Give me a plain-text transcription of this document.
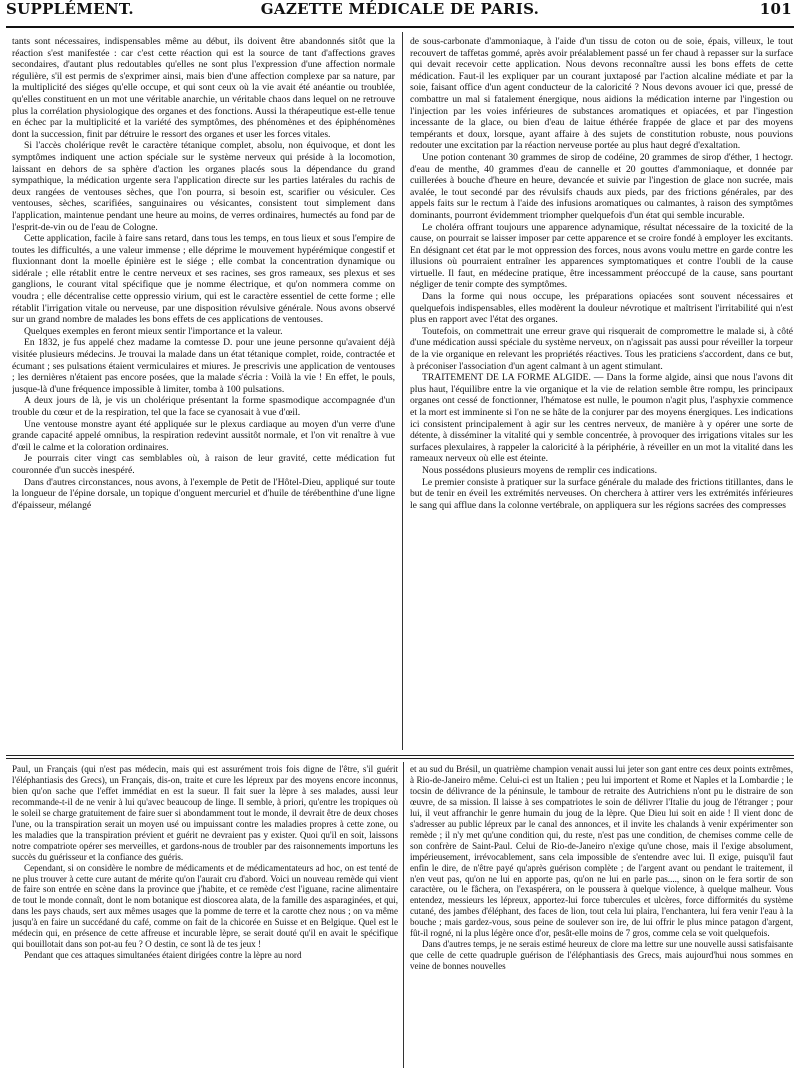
SUPPLÉMENT.	GAZETTE MÉDICALE DE PARIS.	101

tants sont nécessaires, indispensables même au début, ils doivent être abandonnés sitôt que la réaction s'est manifestée : car c'est cette réaction qui est la source de tant d'affections graves secondaires, d'autant plus redoutables qu'elles ne sont plus l'expression d'une affection normale régulière, s'il est permis de s'exprimer ainsi, mais bien d'une affection complexe par sa nature, par la multiplicité des siéges qu'elle occupe, et qui sont ceux où la vie avait été anéantie ou troublée, qu'elles constituent en un mot une véritable anarchie, un véritable chaos dans lequel on ne retrouve plus la corrélation physiologique des organes et des fonctions. Aussi la thérapeutique est-elle tenue en échec par la multiplicité et la variété des symptômes, des phénomènes et des épiphénomènes dont la succession, finit par détruire le ressort des organes et user les forces vitales.

Si l'accès cholérique revêt le caractère tétanique complet, absolu, non équivoque, et dont les symptômes indiquent une action spéciale sur le système nerveux qui préside à la locomotion, laissant en dehors de sa sphère d'action les organes placés sous la dépendance du grand sympathique, la médication urgente sera l'application directe sur les parties latérales du rachis de deux rangées de ventouses sèches, que l'on pourra, si besoin est, scarifier ou vésiculer. Ces ventouses, sèches, scarifiées, sanguinaires ou vésicantes, consistent tout simplement dans l'application, maintenue pendant une heure au moins, de verres ordinaires, humectés au fond par de l'esprit-de-vin ou de l'eau de Cologne.

Cette application, facile à faire sans retard, dans tous les temps, en tous lieux et sous l'empire de toutes les difficultés, a une valeur immense ; elle déprime le mouvement hypérémique congestif et fluxionnant dont la moelle épinière est le siége ; elle combat la concentration dynamique ou sidérale ; elle rétablit entre le centre nerveux et ses racines, ses gros rameaux, ses plexus et ses ganglions, le courant vital spécifique que je nomme électrique, et qu'on nommera comme on voudra ; elle décentralise cette oppressio virium, qui est le caractère essentiel de cette forme ; elle rétablit l'irrigation vitale ou nerveuse, par une disposition révulsive générale. Nous avons observé sur un grand nombre de malades les bons effets de ces applications de ventouses.

Quelques exemples en feront mieux sentir l'importance et la valeur.

En 1832, je fus appelé chez madame la comtesse D. pour une jeune personne qu'avaient déjà visitée plusieurs médecins. Je trouvai la malade dans un état tétanique complet, roide, contractée et écumant ; ses pulsations étaient vermiculaires et miures. Je prescrivis une application de ventouses ; les dernières n'étaient pas encore posées, que la malade s'écria : Voilà la vie ! En effet, le pouls, jusque-là d'une fréquence impossible à limiter, tomba à 100 pulsations.

A deux jours de là, je vis un cholérique présentant la forme spasmodique accompagnée d'un trouble du cœur et de la respiration, tel que la face se cyanosait à vue d'œil.

Une ventouse monstre ayant été appliquée sur le plexus cardiaque au moyen d'un verre d'une grande capacité appelé omnibus, la respiration redevint aussitôt normale, et l'on vit renaître à vue d'œil le calme et la coloration ordinaires.

Je pourrais citer vingt cas semblables où, à raison de leur gravité, cette médication fut couronnée d'un succès inespéré.

Dans d'autres circonstances, nous avons, à l'exemple de Petit de l'Hôtel-Dieu, appliqué sur toute la longueur de l'épine dorsale, un topique d'onguent mercuriel et d'huile de térébenthine d'une ligne d'épaisseur, mélangé

de sous-carbonate d'ammoniaque, à l'aide d'un tissu de coton ou de soie, épais, villeux, le tout recouvert de taffetas gommé, après avoir préalablement passé un fer chaud à repasser sur la surface qui devait recevoir cette application. Nous devons reconnaître aussi les bons effets de cette médication. Faut-il les expliquer par un courant juxtaposé par l'action alcaline médiate et par la soie, faisant office d'un agent conducteur de la caloricité ? Nous devons avouer ici que, pressé de combattre un mal si fatalement énergique, nous aidions la médication interne par l'ingestion ou l'injection par les voies inférieures de substances aromatiques et opiacées, et par l'ingestion incessante de la glace, ou bien d'eau de laitue éthérée frappée de glace et par des moyens tempérants et doux, lorsque, ayant affaire à des sujets de constitution robuste, nous pouvions redouter une excitation par la réaction nerveuse portée au plus haut degré d'exaltation.

Une potion contenant 30 grammes de sirop de codéine, 20 grammes de sirop d'éther, 1 hectogr. d'eau de menthe, 40 grammes d'eau de cannelle et 20 gouttes d'ammoniaque, et donnée par cuillerées à bouche d'heure en heure, devancée et suivie par l'ingestion de glace non sucrée, mais avalée, le tout secondé par des révulsifs chauds aux pieds, par des frictions générales, par des appels faits sur le rectum à l'aide des infusions aromatiques ou calmantes, à raison des symptômes dominants, pourront évidemment triompher quelquefois d'un état qui semble incurable.

Le choléra offrant toujours une apparence adynamique, résultat nécessaire de la toxicité de la cause, on pourrait se laisser imposer par cette apparence et se croire fondé à employer les excitants. En désignant cet état par le mot oppression des forces, nous avons voulu mettre en garde contre les illusions où pourraient entraîner les apparences symptomatiques et contre l'oubli de la cause virtuelle. Il faut, en médecine pratique, être incessamment préoccupé de la cause, sans pourtant négliger de tenir compte des symptômes.

Dans la forme qui nous occupe, les préparations opiacées sont souvent nécessaires et quelquefois indispensables, elles modèrent la douleur névrotique et maîtrisent l'irritabilité qui n'est plus en rapport avec l'état des organes.

Toutefois, on commettrait une erreur grave qui risquerait de compromettre le malade si, à côté d'une médication aussi spéciale du système nerveux, on n'agissait pas aussi pour réveiller la torpeur de la vie organique en relevant les propriétés réactives. Tous les praticiens s'accordent, dans ce but, à préconiser l'association d'un agent calmant à un agent stimulant.

TRAITEMENT DE LA FORME ALGIDE. — Dans la forme algide, ainsi que nous l'avons dit plus haut, l'équilibre entre la vie organique et la vie de relation semble être rompu, les principaux organes ont cessé de fonctionner, l'hématose est nulle, le poumon n'agit plus, l'asphyxie commence et la mort est imminente si l'on ne se hâte de la conjurer par des moyens énergiques. Les indications ici consistent principalement à agir sur les centres nerveux, de manière à y opérer une sorte de détente, à disséminer la vitalité qui y semble concentrée, à provoquer des irrigations vitales sur les surfaces plexulaires, à rappeler la caloricité à la périphérie, à réveiller en un mot la vitalité dans les rameaux nerveux où elle est éteinte.

Nous possédons plusieurs moyens de remplir ces indications.

Le premier consiste à pratiquer sur la surface générale du malade des frictions titillantes, dans le but de tenir en éveil les extrémités nerveuses. On cherchera à attirer vers les extrémités inférieures le sang qui afflue dans la colonne vertébrale, on appliquera sur les régions sacrées des compresses

Paul, un Français (qui n'est pas médecin, mais qui est assurément trois fois digne de l'être, s'il guérit l'éléphantiasis des Grecs), un Français, dis-on, traite et cure les lépreux par des moyens encore inconnus, bien qu'on sache que l'effet immédiat en est la sueur. Il fait suer la lèpre à ses malades, aussi leur recommande-t-il de ne venir à lui qu'avec beaucoup de linge. Il semble, à priori, qu'entre les tropiques où le soleil se charge gratuitement de faire suer si abondamment tout le monde, il devrait être de deux choses l'une, ou la transpiration serait un moyen usé ou impuissant contre les maladies propres à cette zone, ou les maladies que la transpiration prévient et guérit ne devraient pas y exister. Quoi qu'il en soit, laissons notre compatriote opérer ses merveilles, et gardons-nous de troubler par des raisonnements importuns les succès du guérisseur et la confiance des guéris.

Cependant, si on considère le nombre de médicaments et de médicamentateurs ad hoc, on est tenté de ne plus trouver à cette cure autant de mérite qu'on l'aurait cru d'abord. Voici un nouveau remède qui vient de faire son entrée en scène dans la province que j'habite, et ce remède c'est l'iguane, racine alimentaire de tout le monde connaît, dont le nom botanique est dioscorea alata, de la famille des asparaginées, et qui, dans les pays chauds, sert aux mêmes usages que la pomme de terre et la carotte chez nous ; on va même jusqu'à en faire un succédané du café, comme on fait de la chicorée en Suisse et en Belgique. Quel est le médecin qui, en présence de cette affreuse et incurable lèpre, se serait douté qu'il en avait le spécifique qui bouillotait dans son pot-au feu ? O destin, ce sont là de tes jeux !

Pendant que ces attaques simultanées étaient dirigées contre la lèpre au nord

et au sud du Brésil, un quatrième champion venait aussi lui jeter son gant entre ces deux points extrêmes, à Rio-de-Janeiro même. Celui-ci est un Italien ; peu lui importent et Rome et Naples et la Lombardie ; le tocsin de délivrance de la péninsule, le tambour de retraite des Autrichiens n'ont pu le distraire de son œuvre, de sa mission. Il laisse à ses compatriotes le soin de délivrer l'Italie du joug de l'étranger ; pour lui, il veut affranchir le genre humain du joug de la lèpre. Que Dieu lui soit en aide ! Il vient donc de s'adresser au public lépreux par le canal des annonces, et il invite les chalands à venir expérimenter son remède ; il n'y met qu'une condition qui, du reste, n'est pas une condition, de chemises comme celle de son confrère de Saint-Paul. Celui de Rio-de-Janeiro n'exige qu'une chose, mais il l'exige absolument, impérieusement, irrévocablement, sans cela impossible de s'entendre avec lui. Il exige, puisqu'il faut enfin le dire, de n'être payé qu'après guérison complète ; de l'argent avant ou pendant le traitement, il n'en veut pas, qu'on ne lui en apporte pas, qu'on ne lui en parle pas...., sinon on le fera sortir de son caractère, ou le fâchera, on l'exaspérera, on le poussera à quelque violence, à quelque malheur. Vous entendez, messieurs les lépreux, apportez-lui force tubercules et ulcères, force difformités du système cutané, des jambes d'éléphant, des faces de lion, tout cela lui plaira, l'enchantera, lui fera venir l'eau à la bouche ; mais gardez-vous, sous peine de soulever son ire, de lui offrir le plus mince patagon d'argent, fût-il rogné, ni la plus légère once d'or, pesât-elle moins de 7 gros, comme cela se voit quelquefois.

Dans d'autres temps, je ne serais estimé heureux de clore ma lettre sur une nouvelle aussi satisfaisante que celle de cette quadruple guérison de l'éléphantiasis des Grecs, mais aujourd'hui nous sommes en veine de bonnes nouvelles
